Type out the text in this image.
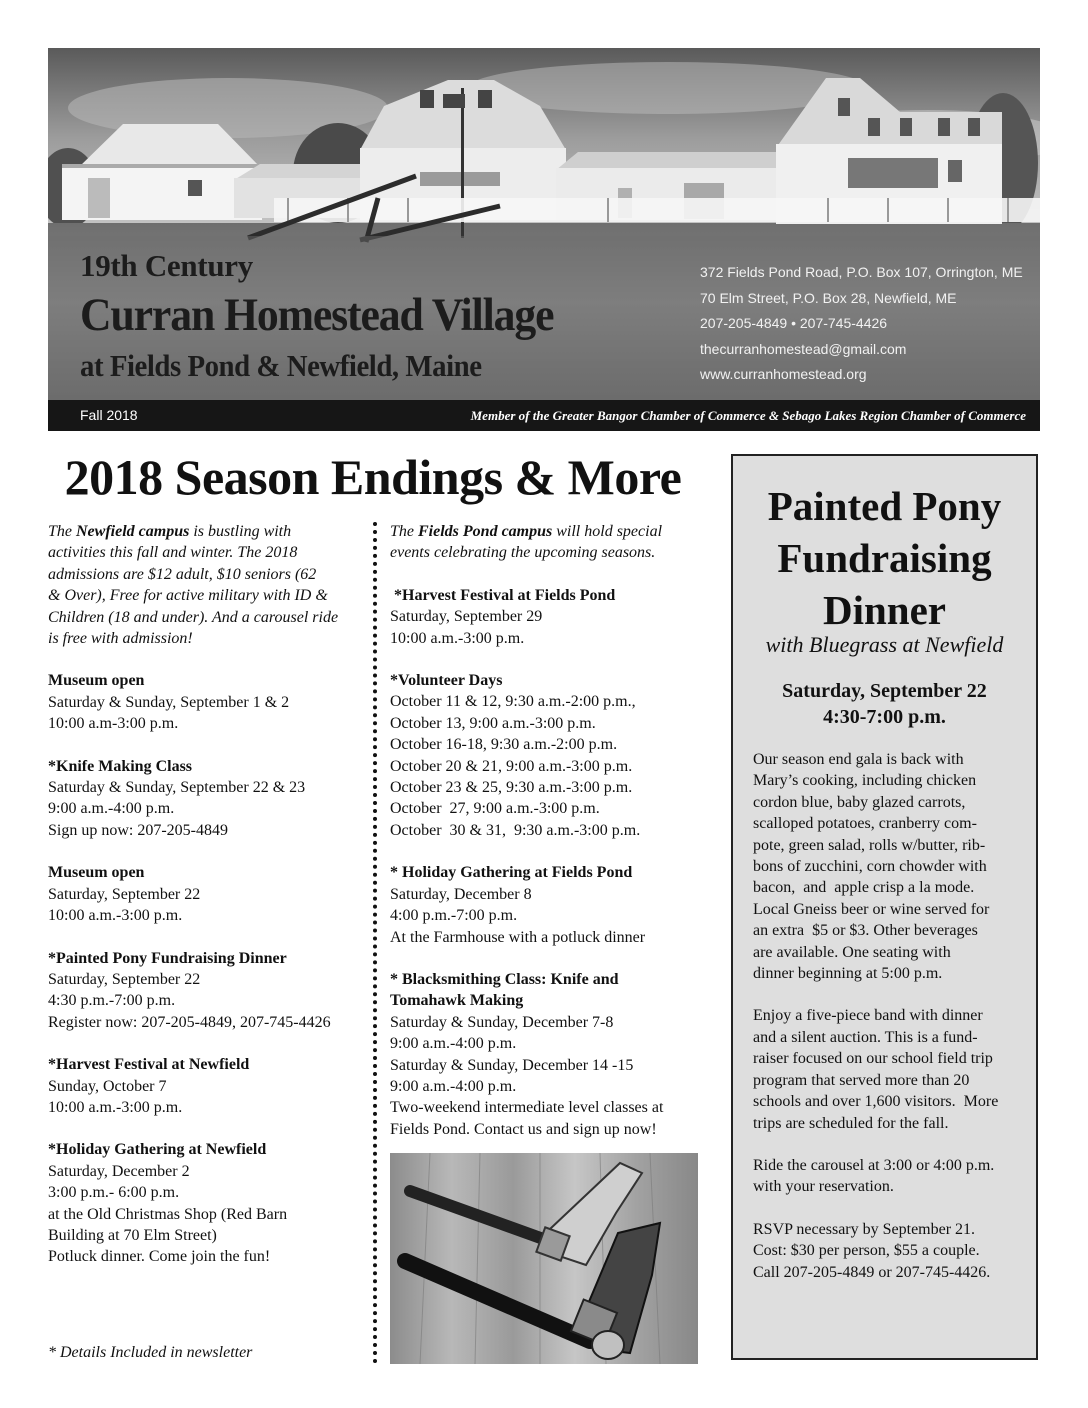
19th Century
Curran Homestead Village
at Fields Pond & Newfield, Maine
372 Fields Pond Road, P.O. Box 107, Orrington, ME
70 Elm Street, P.O. Box 28, Newfield, ME
207-205-4849 • 207-745-4426
thecurranhomestead@gmail.com
www.curranhomestead.org
Fall 2018	Member of the Greater Bangor Chamber of Commerce & Sebago Lakes Region Chamber of Commerce
2018 Season Endings & More
The Newfield campus is bustling with
activities this fall and winter. The 2018
admissions are $12 adult, $10 seniors (62
& Over), Free for active military with ID &
Children (18 and under). And a carousel ride
is free with admission!
Museum open
Saturday & Sunday, September 1 & 2
10:00 a.m-3:00 p.m.
*Knife Making Class
Saturday & Sunday, September 22 & 23
9:00 a.m.-4:00 p.m.
Sign up now: 207-205-4849
Museum open
Saturday, September 22
10:00 a.m.-3:00 p.m.
*Painted Pony Fundraising Dinner
Saturday, September 22
4:30 p.m.-7:00 p.m.
Register now: 207-205-4849, 207-745-4426
*Harvest Festival at Newfield
Sunday, October 7
10:00 a.m.-3:00 p.m.
*Holiday Gathering at Newfield
Saturday, December 2
3:00 p.m.- 6:00 p.m.
at the Old Christmas Shop (Red Barn
Building at 70 Elm Street)
Potluck dinner. Come join the fun!
* Details Included in newsletter
The Fields Pond campus will hold special
events celebrating the upcoming seasons.
*Harvest Festival at Fields Pond
Saturday, September 29
10:00 a.m.-3:00 p.m.
*Volunteer Days
October 11 & 12, 9:30 a.m.-2:00 p.m.,
October 13, 9:00 a.m.-3:00 p.m.
October 16-18, 9:30 a.m.-2:00 p.m.
October 20 & 21, 9:00 a.m.-3:00 p.m.
October 23 & 25, 9:30 a.m.-3:00 p.m.
October  27, 9:00 a.m.-3:00 p.m.
October  30 & 31,  9:30 a.m.-3:00 p.m.
* Holiday Gathering at Fields Pond
Saturday, December 8
4:00 p.m.-7:00 p.m.
At the Farmhouse with a potluck dinner
* Blacksmithing Class: Knife and Tomahawk Making
Saturday & Sunday, December 7-8
9:00 a.m.-4:00 p.m.
Saturday & Sunday, December 14 -15
9:00 a.m.-4:00 p.m.
Two-weekend intermediate level classes at
Fields Pond. Contact us and sign up now!
Painted Pony
Fundraising
Dinner
with Bluegrass at Newfield
Saturday, September 22
4:30-7:00 p.m.

Our season end gala is back with
Mary’s cooking, including chicken
cordon blue, baby glazed carrots,
scalloped potatoes, cranberry com-
pote, green salad, rolls w/butter, rib-
bons of zucchini, corn chowder with
bacon,  and  apple crisp a la mode.
Local Gneiss beer or wine served for
an extra  $5 or $3. Other beverages
are available. One seating with
dinner beginning at 5:00 p.m.

Enjoy a five-piece band with dinner
and a silent auction. This is a fund-
raiser focused on our school field trip
program that served more than 20
schools and over 1,600 visitors.  More
trips are scheduled for the fall.

Ride the carousel at 3:00 or 4:00 p.m.
with your reservation.

RSVP necessary by September 21.
Cost: $30 per person, $55 a couple.
Call 207-205-4849 or 207-745-4426.
